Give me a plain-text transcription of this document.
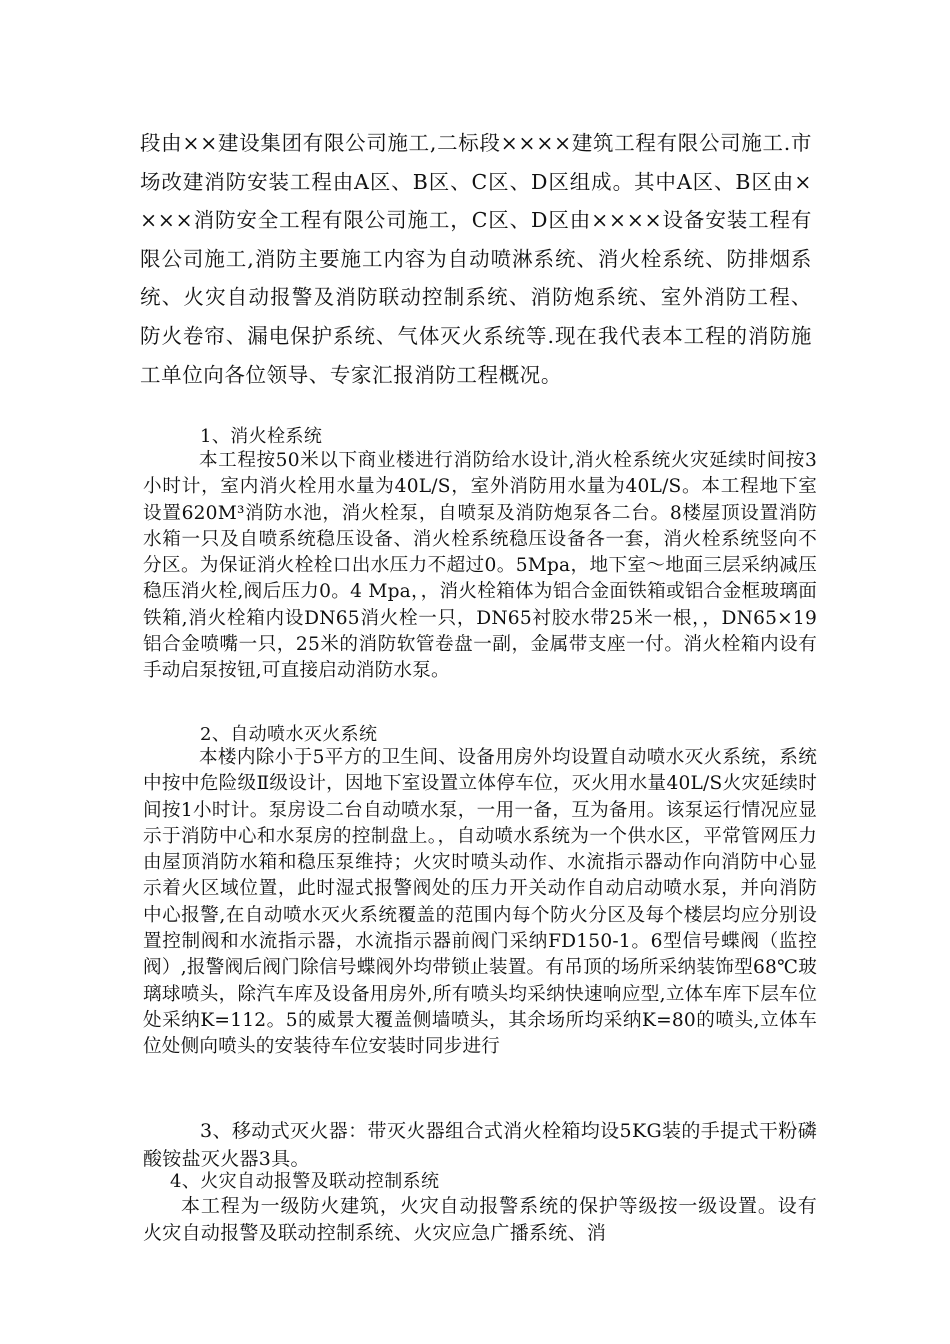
段由××建设集团有限公司施工,二标段××××建筑工程有限公司施工.市场改建消防安装工程由A区、B区、C区、D区组成。其中A区、B区由××××消防安全工程有限公司施工，C区、D区由××××设备安装工程有限公司施工,消防主要施工内容为自动喷淋系统、消火栓系统、防排烟系统、火灾自动报警及消防联动控制系统、消防炮系统、室外消防工程、防火卷帘、漏电保护系统、气体灭火系统等.现在我代表本工程的消防施工单位向各位领导、专家汇报消防工程概况。

1、消火栓系统

本工程按50米以下商业楼进行消防给水设计,消火栓系统火灾延续时间按3小时计，室内消火栓用水量为40L/S，室外消防用水量为40L/S。本工程地下室设置620M³消防水池，消火栓泵，自喷泵及消防炮泵各二台。8楼屋顶设置消防水箱一只及自喷系统稳压设备、消火栓系统稳压设备各一套，消火栓系统竖向不分区。为保证消火栓栓口出水压力不超过0。5Mpa，地下室～地面三层采纳减压稳压消火栓,阀后压力0。4 Mpa，，消火栓箱体为铝合金面铁箱或铝合金框玻璃面铁箱,消火栓箱内设DN65消火栓一只，DN65衬胶水带25米一根，，DN65×19铝合金喷嘴一只，25米的消防软管卷盘一副，金属带支座一付。消火栓箱内设有手动启泵按钮,可直接启动消防水泵。

2、自动喷水灭火系统

本楼内除小于5平方的卫生间、设备用房外均设置自动喷水灭火系统，系统中按中危险级Ⅱ级设计，因地下室设置立体停车位，灭火用水量40L/S火灾延续时间按1小时计。泵房设二台自动喷水泵，一用一备，互为备用。该泵运行情况应显示于消防中心和水泵房的控制盘上。，自动喷水系统为一个供水区，平常管网压力由屋顶消防水箱和稳压泵维持；火灾时喷头动作、水流指示器动作向消防中心显示着火区域位置，此时湿式报警阀处的压力开关动作自动启动喷水泵，并向消防中心报警,在自动喷水灭火系统覆盖的范围内每个防火分区及每个楼层均应分别设置控制阀和水流指示器，水流指示器前阀门采纳FD150-1。6型信号蝶阀（监控阀）,报警阀后阀门除信号蝶阀外均带锁止装置。有吊顶的场所采纳装饰型68℃玻璃球喷头，除汽车库及设备用房外,所有喷头均采纳快速响应型,立体车库下层车位处采纳K=112。5的威景大覆盖侧墙喷头，其余场所均采纳K=80的喷头,立体车位处侧向喷头的安装待车位安装时同步进行

3、移动式灭火器：带灭火器组合式消火栓箱均设5KG装的手提式干粉磷酸铵盐灭火器3具。

4、火灾自动报警及联动控制系统

本工程为一级防火建筑，火灾自动报警系统的保护等级按一级设置。设有火灾自动报警及联动控制系统、火灾应急广播系统、消
